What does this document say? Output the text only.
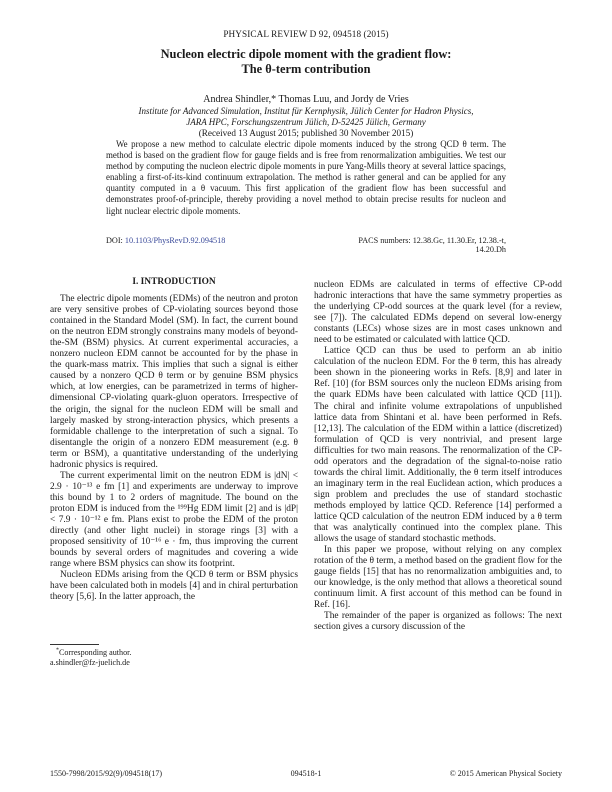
PHYSICAL REVIEW D 92, 094518 (2015)
Nucleon electric dipole moment with the gradient flow:
The θ-term contribution
Andrea Shindler,* Thomas Luu, and Jordy de Vries
Institute for Advanced Simulation, Institut für Kernphysik, Jülich Center for Hadron Physics,
JARA HPC, Forschungszentrum Jülich, D-52425 Jülich, Germany
(Received 13 August 2015; published 30 November 2015)
We propose a new method to calculate electric dipole moments induced by the strong QCD θ term. The method is based on the gradient flow for gauge fields and is free from renormalization ambiguities. We test our method by computing the nucleon electric dipole moments in pure Yang-Mills theory at several lattice spacings, enabling a first-of-its-kind continuum extrapolation. The method is rather general and can be applied for any quantity computed in a θ vacuum. This first application of the gradient flow has been successful and demonstrates proof-of-principle, thereby providing a novel method to obtain precise results for nucleon and light nuclear electric dipole moments.
DOI: 10.1103/PhysRevD.92.094518	PACS numbers: 12.38.Gc, 11.30.Er, 12.38.-t, 14.20.Dh
I. INTRODUCTION

The electric dipole moments (EDMs) of the neutron and proton are very sensitive probes of CP-violating sources beyond those contained in the Standard Model (SM). In fact, the current bound on the neutron EDM strongly constrains many models of beyond-the-SM (BSM) physics. At current experimental accuracies, a nonzero nucleon EDM cannot be accounted for by the phase in the quark-mass matrix. This implies that such a signal is either caused by a nonzero QCD θ term or by genuine BSM physics which, at low energies, can be parametrized in terms of higher-dimensional CP-violating quark-gluon operators. Irrespective of the origin, the signal for the nucleon EDM will be small and largely masked by strong-interaction physics, which presents a formidable challenge to the interpretation of such a signal. To disentangle the origin of a nonzero EDM measurement (e.g. θ term or BSM), a quantitative understanding of the underlying hadronic physics is required.

The current experimental limit on the neutron EDM is |dN| < 2.9 · 10⁻¹³ e fm [1] and experiments are underway to improve this bound by 1 to 2 orders of magnitude. The bound on the proton EDM is induced from the ¹⁹⁹Hg EDM limit [2] and is |dP| < 7.9 · 10⁻¹² e fm. Plans exist to probe the EDM of the proton directly (and other light nuclei) in storage rings [3] with a proposed sensitivity of 10⁻¹⁶ e · fm, thus improving the current bounds by several orders of magnitudes and covering a wide range where BSM physics can show its footprint.

Nucleon EDMs arising from the QCD θ term or BSM physics have been calculated both in models [4] and in chiral perturbation theory [5,6]. In the latter approach, the

nucleon EDMs are calculated in terms of effective CP-odd hadronic interactions that have the same symmetry properties as the underlying CP-odd sources at the quark level (for a review, see [7]). The calculated EDMs depend on several low-energy constants (LECs) whose sizes are in most cases unknown and need to be estimated or calculated with lattice QCD.

Lattice QCD can thus be used to perform an ab initio calculation of the nucleon EDM. For the θ term, this has already been shown in the pioneering works in Refs. [8,9] and later in Ref. [10] (for BSM sources only the nucleon EDMs arising from the quark EDMs have been calculated with lattice QCD [11]). The chiral and infinite volume extrapolations of unpublished lattice data from Shintani et al. have been performed in Refs. [12,13]. The calculation of the EDM within a lattice (discretized) formulation of QCD is very nontrivial, and present large difficulties for two main reasons. The renormalization of the CP-odd operators and the degradation of the signal-to-noise ratio towards the chiral limit. Additionally, the θ term itself introduces an imaginary term in the real Euclidean action, which produces a sign problem and precludes the use of standard stochastic methods employed by lattice QCD. Reference [14] performed a lattice QCD calculation of the neutron EDM induced by a θ term that was analytically continued into the complex plane. This allows the usage of standard stochastic methods.

In this paper we propose, without relying on any complex rotation of the θ term, a method based on the gradient flow for the gauge fields [15] that has no renormalization ambiguities and, to our knowledge, is the only method that allows a theoretical sound continuum limit. A first account of this method can be found in Ref. [16].

The remainder of the paper is organized as follows: The next section gives a cursory discussion of the

*Corresponding author.
a.shindler@fz-juelich.de
1550-7998/2015/92(9)/094518(17)	094518-1	© 2015 American Physical Society
